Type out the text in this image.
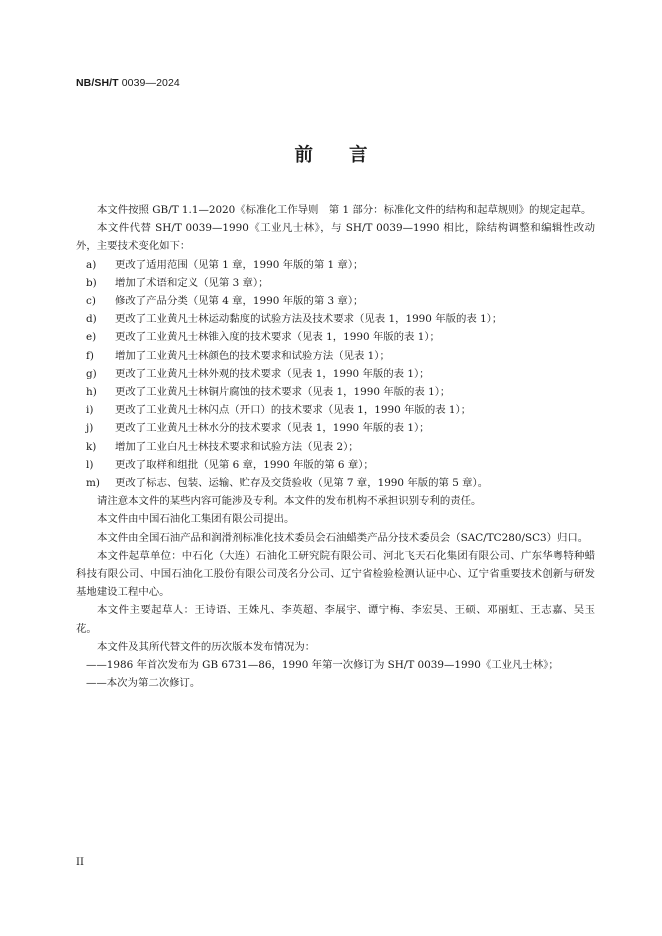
NB/SH/T 0039—2024
前言

本文件按照 GB/T 1.1—2020《标准化工作导则　第 1 部分：标准化文件的结构和起草规则》的规定起草。

本文件代替 SH/T 0039—1990《工业凡士林》，与 SH/T 0039—1990 相比，除结构调整和编辑性改动外，主要技术变化如下：

a) 更改了适用范围（见第 1 章，1990 年版的第 1 章）；

b) 增加了术语和定义（见第 3 章）；

c) 修改了产品分类（见第 4 章，1990 年版的第 3 章）；

d) 更改了工业黄凡士林运动黏度的试验方法及技术要求（见表 1，1990 年版的表 1）；

e) 更改了工业黄凡士林锥入度的技术要求（见表 1，1990 年版的表 1）；

f) 增加了工业黄凡士林颜色的技术要求和试验方法（见表 1）；

g) 更改了工业黄凡士林外观的技术要求（见表 1，1990 年版的表 1）；

h) 更改了工业黄凡士林铜片腐蚀的技术要求（见表 1，1990 年版的表 1）；

i) 更改了工业黄凡士林闪点（开口）的技术要求（见表 1，1990 年版的表 1）；

j) 更改了工业黄凡士林水分的技术要求（见表 1，1990 年版的表 1）；

k) 增加了工业白凡士林技术要求和试验方法（见表 2）；

l) 更改了取样和组批（见第 6 章，1990 年版的第 6 章）；

m) 更改了标志、包装、运输、贮存及交货验收（见第 7 章，1990 年版的第 5 章）。

请注意本文件的某些内容可能涉及专利。本文件的发布机构不承担识别专利的责任。

本文件由中国石油化工集团有限公司提出。

本文件由全国石油产品和润滑剂标准化技术委员会石油蜡类产品分技术委员会（SAC/TC280/SC3）归口。

本文件起草单位：中石化（大连）石油化工研究院有限公司、河北飞天石化集团有限公司、广东华粤特种蜡科技有限公司、中国石油化工股份有限公司茂名分公司、辽宁省检验检测认证中心、辽宁省重要技术创新与研发基地建设工程中心。

本文件主要起草人：王诗语、王姝凡、李英超、李展宇、谭宁梅、李宏昊、王硕、邓丽虹、王志嘉、吴玉花。

本文件及其所代替文件的历次版本发布情况为：

——1986 年首次发布为 GB 6731—86，1990 年第一次修订为 SH/T 0039—1990《工业凡士林》；

——本次为第二次修订。

II
